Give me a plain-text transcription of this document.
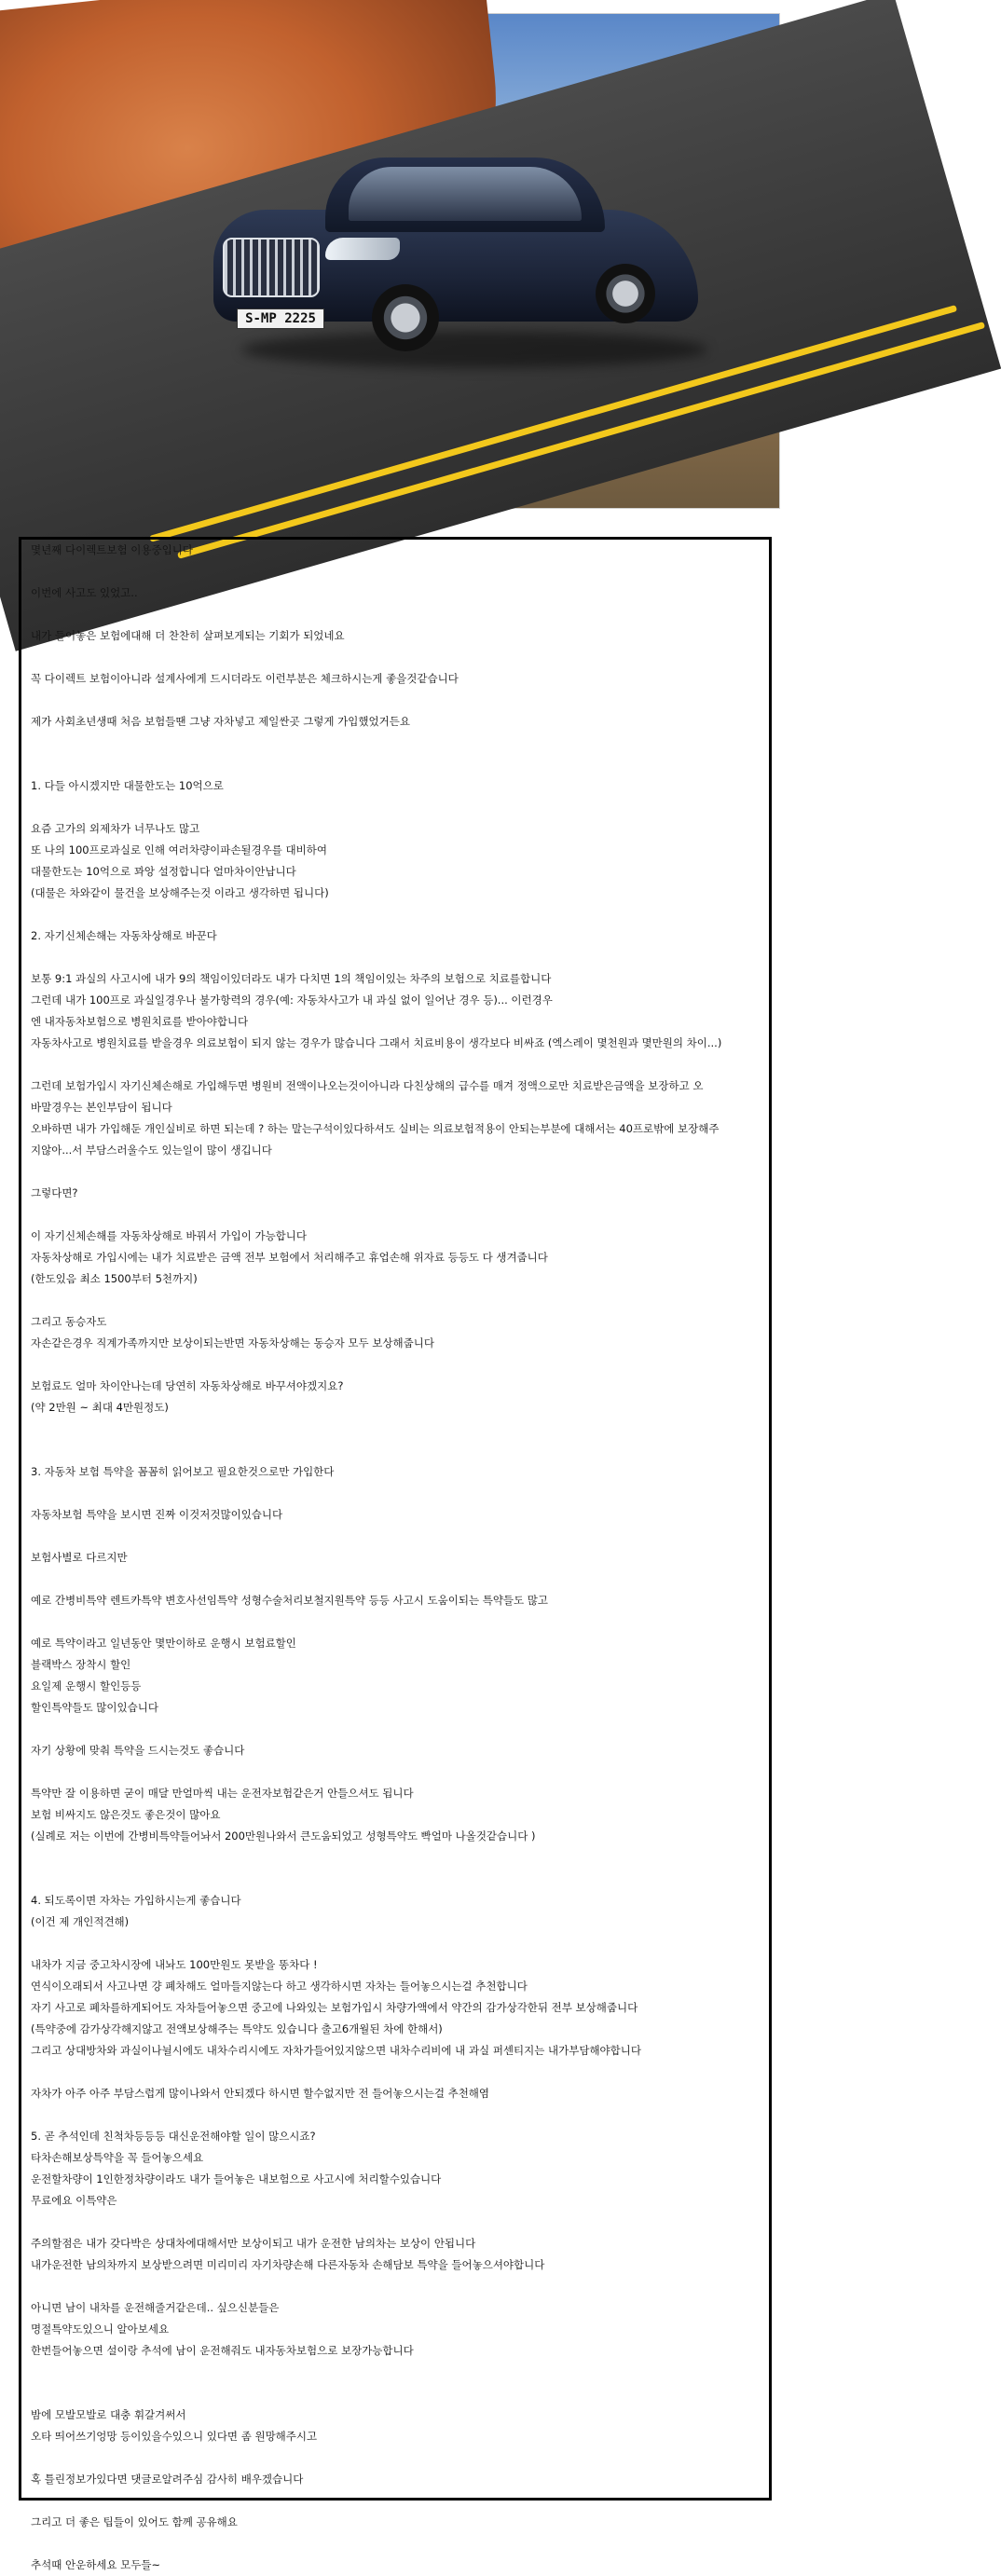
S-MP 2225
몇년째 다이렉트보험 이용중입니다
이번에 사고도 있었고..
내가 들어놓은 보험에대해 더 찬찬히 살펴보게되는 기회가 되었네요
꼭 다이렉트 보험이아니라 설계사에게 드시더라도 이런부분은 체크하시는게 좋을것같습니다
제가 사회초년생때 처음 보험들땐 그냥 자차넣고 제일싼곳 그렇게 가입했었거든요
1. 다들 아시겠지만 대물한도는 10억으로
요즘 고가의 외제차가 너무나도 많고
또 나의 100프로과실로 인해 여러차량이파손될경우를 대비하여
대물한도는 10억으로 꽈앙 설정합니다 얼마차이안납니다
(대물은 차와같이 물건을 보상해주는것 이라고 생각하면 됩니다)
2. 자기신체손해는 자동차상해로 바꾼다
보통 9:1 과실의 사고시에 내가 9의 책임이있더라도 내가 다치면 1의 책임이있는 차주의 보험으로 치료를합니다
그런데 내가 100프로 과실일경우나 불가항력의 경우(예: 자동차사고가 내 과실 없이 일어난 경우 등)... 이런경우
엔 내자동차보험으로 병원치료를 받아야합니다
자동차사고로 병원치료를 받을경우 의료보험이 되지 않는 경우가 많습니다 그래서 치료비용이 생각보다 비싸죠 (엑스레이 몇천원과 몇만원의 차이...)
그런데 보험가입시 자기신체손해로 가입해두면 병원비 전액이나오는것이아니라 다친상해의 급수를 매겨 정액으로만 치료받은금액을 보장하고 오
바말경우는 본인부담이 됩니다
오바하면 내가 가입해둔 개인실비로 하면 되는데 ? 하는 말는구석이있다하셔도 실비는 의료보험적용이 안되는부분에 대해서는 40프로밖에 보장해주
지않아...서 부담스러울수도 있는일이 많이 생깁니다
그렇다면?
이 자기신체손해를 자동차상해로 바꿔서 가입이 가능합니다
자동차상해로 가입시에는 내가 치료받은 금액 전부 보험에서 처리해주고 휴업손해 위자료 등등도 다 생겨줍니다
(한도있음 최소 1500부터 5천까지)
그리고 동승자도
자손같은경우 직계가족까지만 보상이되는반면 자동차상해는 동승자 모두 보상해줍니다
보험료도 얼마 차이안나는데 당연히 자동차상해로 바꾸셔야겠지요?
(약 2만원 ~ 최대 4만원정도)
3. 자동차 보험 특약을 꼼꼼히 읽어보고 필요한것으로만 가입한다
자동차보험 특약을 보시면 진짜 이것저것많이있습니다
보험사별로 다르지만
예로 간병비특약 렌트카특약 변호사선임특약 성형수술처리보철지원특약 등등 사고시 도움이되는 특약들도 많고
예로 특약이라고 일년동안 몇만이하로 운행시 보험료할인
블랙박스 장착시 할인
요일제 운행시 할인등등
할인특약들도 많이있습니다
자기 상황에 맞춰 특약을 드시는것도 좋습니다
특약만 잘 이용하면 굳이 매달 만얼마씩 내는 운전자보험같은거 안들으셔도 됩니다
보험 비싸지도 않은것도 좋은것이 많아요
(실례로 저는 이번에 간병비특약들어놔서 200만원나와서 큰도움되었고 성형특약도 빡얼마 나올것같습니다 )
4. 되도록이면 자차는 가입하시는게 좋습니다
(이건 제 개인적견해)
내차가 지금 중고차시장에 내놔도 100만원도 못받을 똥차다 !
연식이오래되서 사고나면 걍 폐차해도 얼마들지않는다 하고 생각하시면 자차는 들어놓으시는걸 추천합니다
자기 사고로 폐차를하게되어도 자차들어놓으면 중고에 나와있는 보험가입시 차량가액에서 약간의 감가상각한뒤 전부 보상해줍니다
(특약중에 감가상각해지않고 전액보상해주는 특약도 있습니다 출고6개월된 차에 한해서)
그리고 상대방차와 과실이나뉠시에도 내차수리시에도 자차가들어있지않으면 내차수리비에 내 과실 퍼센티지는 내가부담해야합니다
자차가 아주 아주 부담스럽게 많이나와서 안되겠다 하시면 할수없지만 전 들어놓으시는걸 추천해염
5. 곧 추석인데 친척차등등등 대신운전해야할 일이 많으시죠?
타차손해보상특약을 꼭 들어놓으세요
운전할차량이 1인한정차량이라도 내가 들어놓은 내보험으로 사고시에 처리할수있습니다
무료에요 이특약은
주의할점은 내가 갖다박은 상대차에대해서만 보상이되고 내가 운전한 남의차는 보상이 안됩니다
내가운전한 남의차까지 보상받으려면 미리미리 자기차량손해 다른자동차 손해담보 특약을 들어놓으셔야합니다
아니면 남이 내차를 운전해줄거같은데.. 싶으신분들은
명절특약도있으니 알아보세요
한번들어놓으면 설이랑 추석에 남이 운전해줘도 내자동차보험으로 보장가능합니다
밤에 모발모발로 대충 휘갈겨써서
오타 띄어쓰기엉망 등이있을수있으니 있다면 좀 원망해주시고
혹 틀린정보가있다면 댓글로알려주심 감사히 배우겠습니다
그리고 더 좋은 팁들이 있어도 함께 공유해요
추석때 안운하세요 모두들~
